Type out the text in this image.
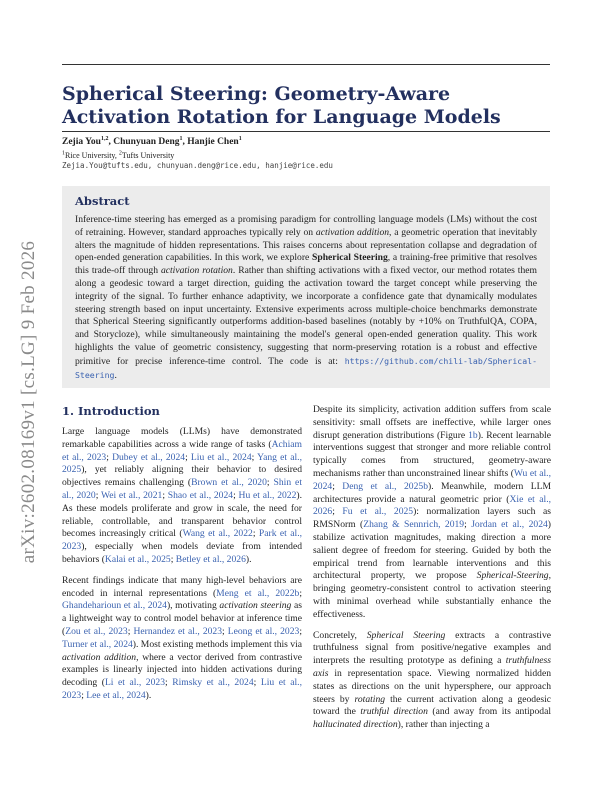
arXiv:2602.08169v1 [cs.LG] 9 Feb 2026
Spherical Steering: Geometry-Aware Activation Rotation for Language Models
Zejia You$^{1,2}$, Chunyuan Deng$^1$, Hanjie Chen$^1$
$^1$Rice University, $^2$Tufts University
Zejia.You@tufts.edu, chunyuan.deng@rice.edu, hanjie@rice.edu
Abstract

Inference-time steering has emerged as a promising paradigm for controlling language models (LMs) without the cost of retraining. However, standard approaches typically rely on activation addition, a geometric operation that inevitably alters the magnitude of hidden representations. This raises concerns about representation collapse and degradation of open-ended generation capabilities. In this work, we explore Spherical Steering, a training-free primitive that resolves this trade-off through activation rotation. Rather than shifting activations with a fixed vector, our method rotates them along a geodesic toward a target direction, guiding the activation toward the target concept while preserving the integrity of the signal. To further enhance adaptivity, we incorporate a confidence gate that dynamically modulates steering strength based on input uncertainty. Extensive experiments across multiple-choice benchmarks demonstrate that Spherical Steering significantly outperforms addition-based baselines (notably by +10% on TruthfulQA, COPA, and Storycloze), while simultaneously maintaining the model's general open-ended generation quality. This work highlights the value of geometric consistency, suggesting that norm-preserving rotation is a robust and effective primitive for precise inference-time control. The code is at: https://github.com/chili-lab/Spherical-Steering.

1. Introduction

Large language models (LLMs) have demonstrated remarkable capabilities across a wide range of tasks (Achiam et al., 2023; Dubey et al., 2024; Liu et al., 2024; Yang et al., 2025), yet reliably aligning their behavior to desired objectives remains challenging (Brown et al., 2020; Shin et al., 2020; Wei et al., 2021; Shao et al., 2024; Hu et al., 2022). As these models proliferate and grow in scale, the need for reliable, controllable, and transparent behavior control becomes increasingly critical (Wang et al., 2022; Park et al., 2023), especially when models deviate from intended behaviors (Kalai et al., 2025; Betley et al., 2026).

Recent findings indicate that many high-level behaviors are encoded in internal representations (Meng et al., 2022b; Ghandeharioun et al., 2024), motivating activation steering as a lightweight way to control model behavior at inference time (Zou et al., 2023; Hernandez et al., 2023; Leong et al., 2023; Turner et al., 2024). Most existing methods implement this via activation addition, where a vector derived from contrastive examples is linearly injected into hidden activations during decoding (Li et al., 2023; Rimsky et al., 2024; Liu et al., 2023; Lee et al., 2024).

Despite its simplicity, activation addition suffers from scale sensitivity: small offsets are ineffective, while larger ones disrupt generation distributions (Figure 1b). Recent learnable interventions suggest that stronger and more reliable control typically comes from structured, geometry-aware mechanisms rather than unconstrained linear shifts (Wu et al., 2024; Deng et al., 2025b). Meanwhile, modern LLM architectures provide a natural geometric prior (Xie et al., 2026; Fu et al., 2025): normalization layers such as RMSNorm (Zhang & Sennrich, 2019; Jordan et al., 2024) stabilize activation magnitudes, making direction a more salient degree of freedom for steering. Guided by both the empirical trend from learnable interventions and this architectural property, we propose Spherical-Steering, bringing geometry-consistent control to activation steering with minimal overhead while substantially enhance the effectiveness.

Concretely, Spherical Steering extracts a contrastive truthfulness signal from positive/negative examples and interprets the resulting prototype as defining a truthfulness axis in representation space. Viewing normalized hidden states as directions on the unit hypersphere, our approach steers by rotating the current activation along a geodesic toward the truthful direction (and away from its antipodal hallucinated direction), rather than injecting a
